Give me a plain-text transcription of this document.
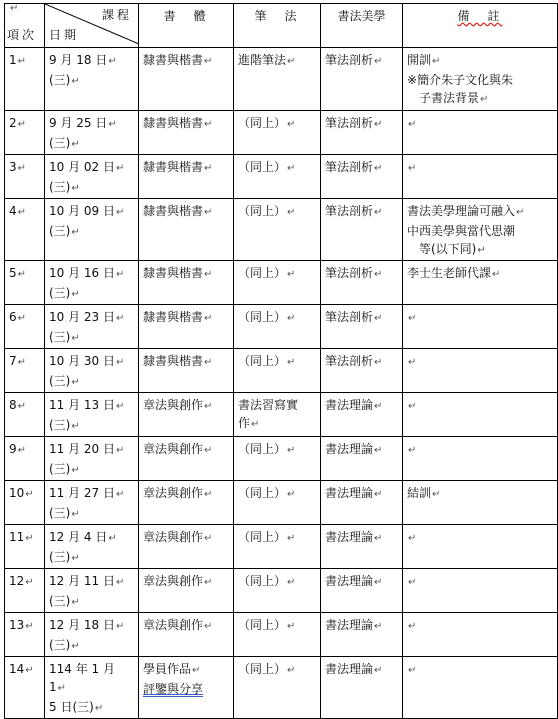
↵
項次	課程
日期	書　體	筆　法	書法美學	備　註
1↵	9 月 18 日↵
(三)↵	隸書與楷書↵	進階筆法↵	筆法剖析↵	開訓↵
※簡介朱子文化與朱
子書法背景↵

2↵	9 月 25 日↵
(三)↵	隸書與楷書↵	（同上）↵	筆法剖析↵	↵

3↵	10 月 02 日↵
(三)↵	隸書與楷書↵	（同上）↵	筆法剖析↵	↵

4↵	10 月 09 日↵
(三)↵	隸書與楷書↵	（同上）↵	筆法剖析↵	書法美學理論可融入↵
中西美學與當代思潮
等(以下同)↵

5↵	10 月 16 日↵
(三)↵	隸書與楷書↵	（同上）↵	筆法剖析↵	李士生老師代課↵

6↵	10 月 23 日↵
(三)↵	隸書與楷書↵	（同上）↵	筆法剖析↵	↵

7↵	10 月 30 日↵
(三)↵	隸書與楷書↵	（同上）↵	筆法剖析↵	↵

8↵	11 月 13 日↵
(三)↵	章法與創作↵	書法習寫實
作↵	書法理論↵	↵

9↵	11 月 20 日↵
(三)↵	章法與創作↵	（同上）↵	書法理論↵	↵

10↵	11 月 27 日↵
(三)↵	章法與創作↵	（同上）↵	書法理論↵	結訓↵

11↵	12 月 4 日↵
(三)↵	章法與創作↵	（同上）↵	書法理論↵	↵

12↵	12 月 11 日↵
(三)↵	章法與創作↵	（同上）↵	書法理論↵	↵

13↵	12 月 18 日↵
(三)↵	章法與創作↵	（同上）↵	書法理論↵	↵

14↵	114 年 1 月 1↵
5 日(三)↵	學員作品↵
評鑒與分享	（同上）↵	書法理論↵	↵
